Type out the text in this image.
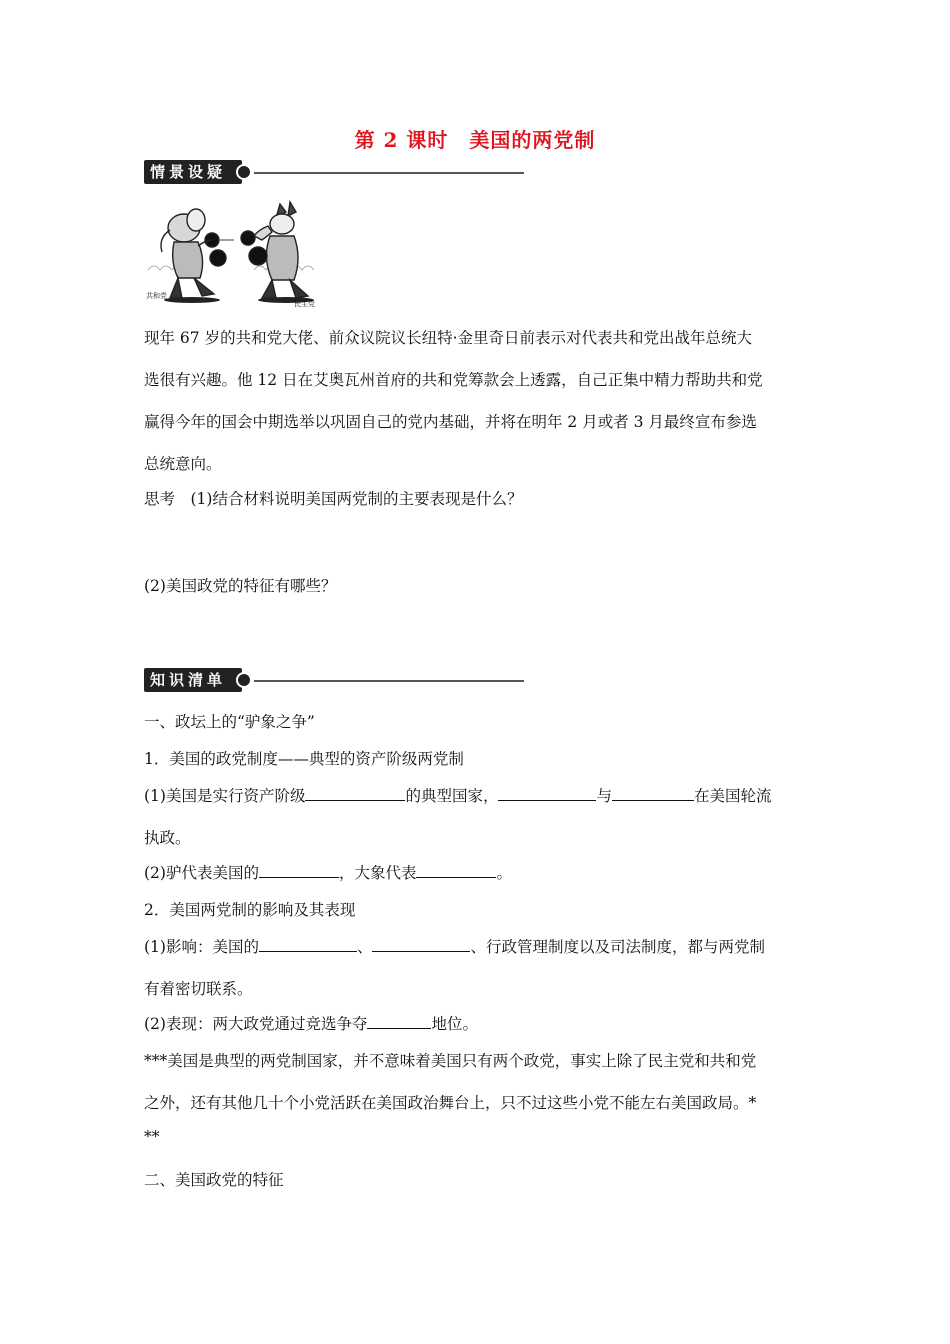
第 2 课时　美国的两党制
情景设疑
共和党
民主党
现年 67 岁的共和党大佬、前众议院议长纽特·金里奇日前表示对代表共和党出战年总统大
选很有兴趣。他 12 日在艾奥瓦州首府的共和党筹款会上透露，自己正集中精力帮助共和党
赢得今年的国会中期选举以巩固自己的党内基础，并将在明年 2 月或者 3 月最终宣布参选
总统意向。
思考　(1)结合材料说明美国两党制的主要表现是什么？
(2)美国政党的特征有哪些？
知识清单
一、政坛上的“驴象之争”
1．美国的政党制度——典型的资产阶级两党制
(1)美国是实行资产阶级	的典型国家，	与	在美国轮流
执政。
(2)驴代表美国的	，大象代表	。
2．美国两党制的影响及其表现
(1)影响：美国的	、	、行政管理制度以及司法制度，都与两党制
有着密切联系。
(2)表现：两大政党通过竞选争夺	地位。
***美国是典型的两党制国家，并不意味着美国只有两个政党，事实上除了民主党和共和党
之外，还有其他几十个小党活跃在美国政治舞台上，只不过这些小党不能左右美国政局。*
**
二、美国政党的特征
